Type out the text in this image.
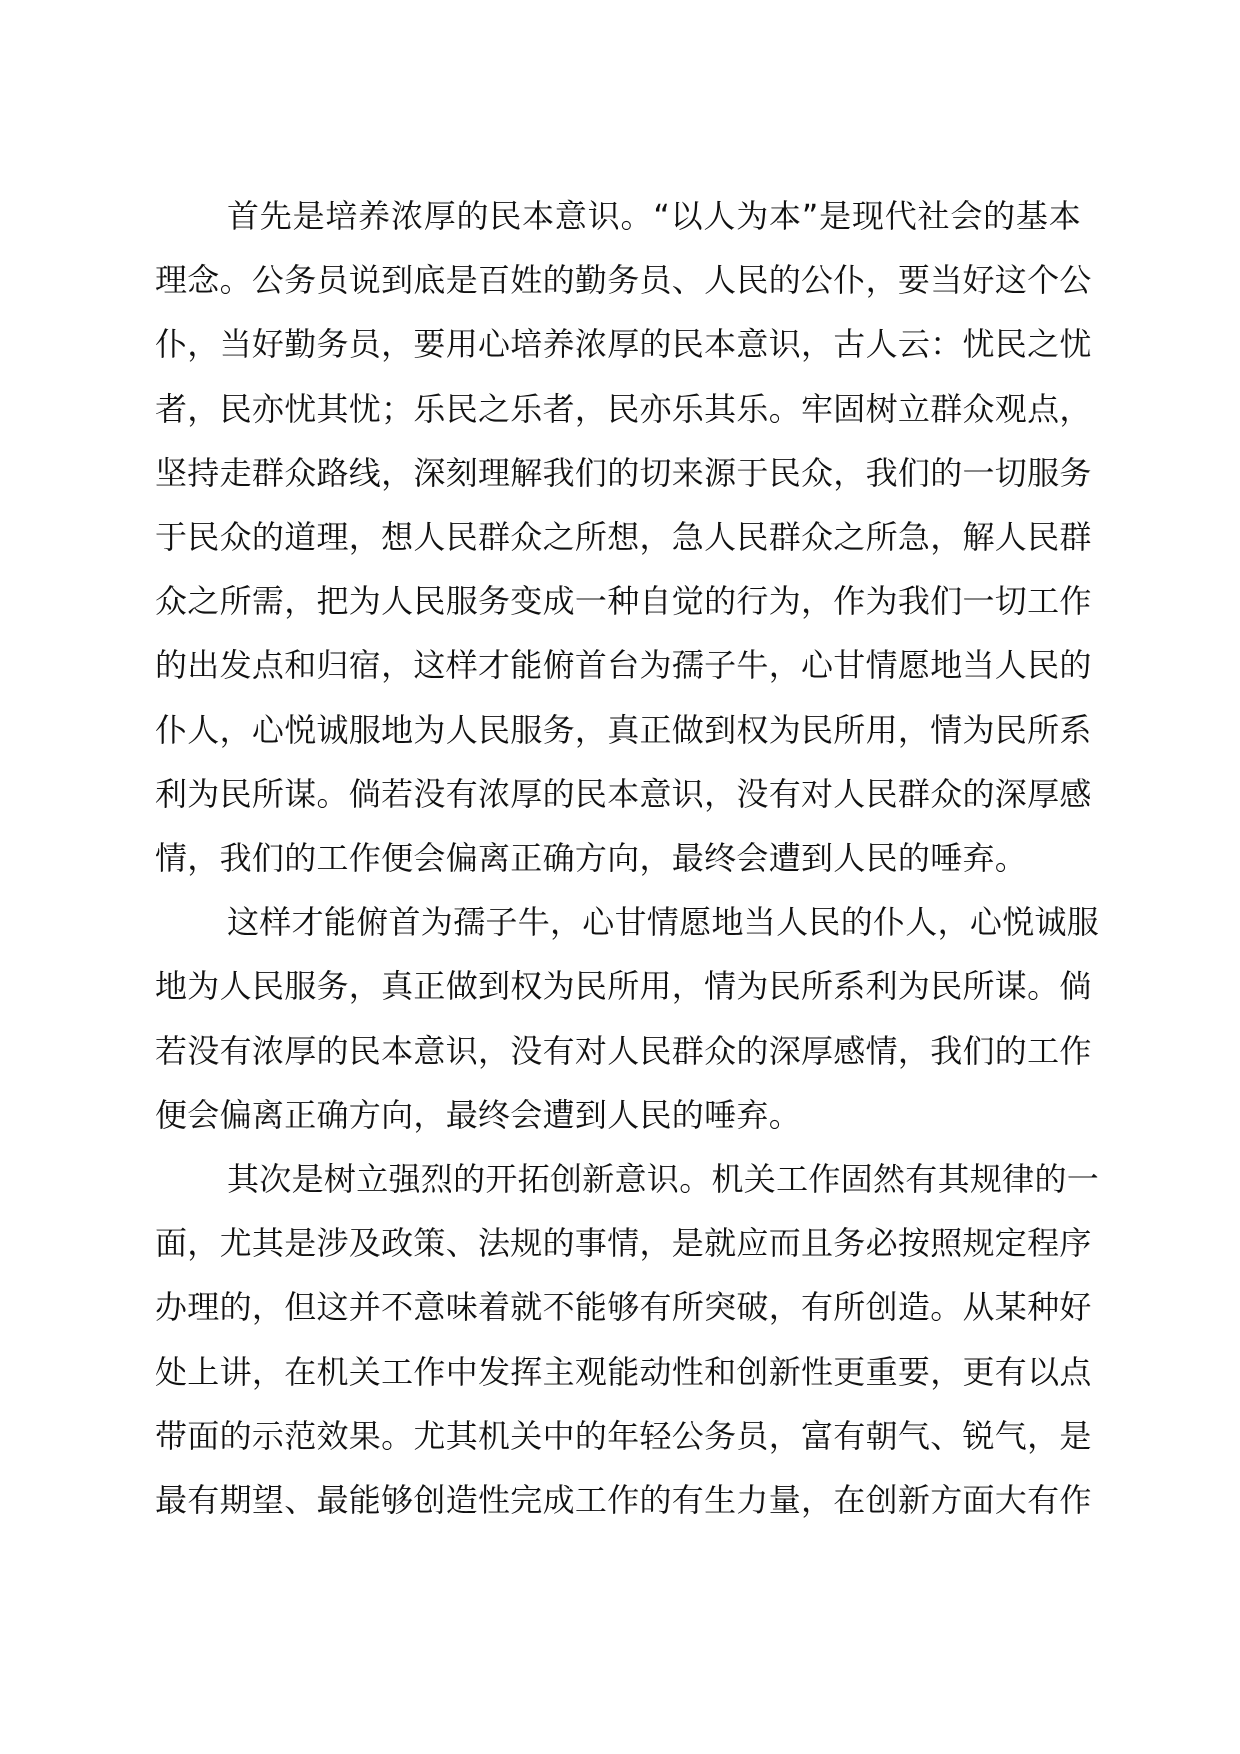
首先是培养浓厚的民本意识。“以人为本”是现代社会的基本
理念。公务员说到底是百姓的勤务员、人民的公仆，要当好这个公
仆，当好勤务员，要用心培养浓厚的民本意识，古人云：忧民之忧
者，民亦忧其忧；乐民之乐者，民亦乐其乐。牢固树立群众观点，
坚持走群众路线，深刻理解我们的切来源于民众，我们的一切服务
于民众的道理，想人民群众之所想，急人民群众之所急，解人民群
众之所需，把为人民服务变成一种自觉的行为，作为我们一切工作
的出发点和归宿，这样才能俯首台为孺子牛，心甘情愿地当人民的
仆人，心悦诚服地为人民服务，真正做到权为民所用，情为民所系
利为民所谋。倘若没有浓厚的民本意识，没有对人民群众的深厚感
情，我们的工作便会偏离正确方向，最终会遭到人民的唾弃。
这样才能俯首为孺子牛，心甘情愿地当人民的仆人，心悦诚服
地为人民服务，真正做到权为民所用，情为民所系利为民所谋。倘
若没有浓厚的民本意识，没有对人民群众的深厚感情，我们的工作
便会偏离正确方向，最终会遭到人民的唾弃。
其次是树立强烈的开拓创新意识。机关工作固然有其规律的一
面，尤其是涉及政策、法规的事情，是就应而且务必按照规定程序
办理的，但这并不意味着就不能够有所突破，有所创造。从某种好
处上讲，在机关工作中发挥主观能动性和创新性更重要，更有以点
带面的示范效果。尤其机关中的年轻公务员，富有朝气、锐气，是
最有期望、最能够创造性完成工作的有生力量，在创新方面大有作
